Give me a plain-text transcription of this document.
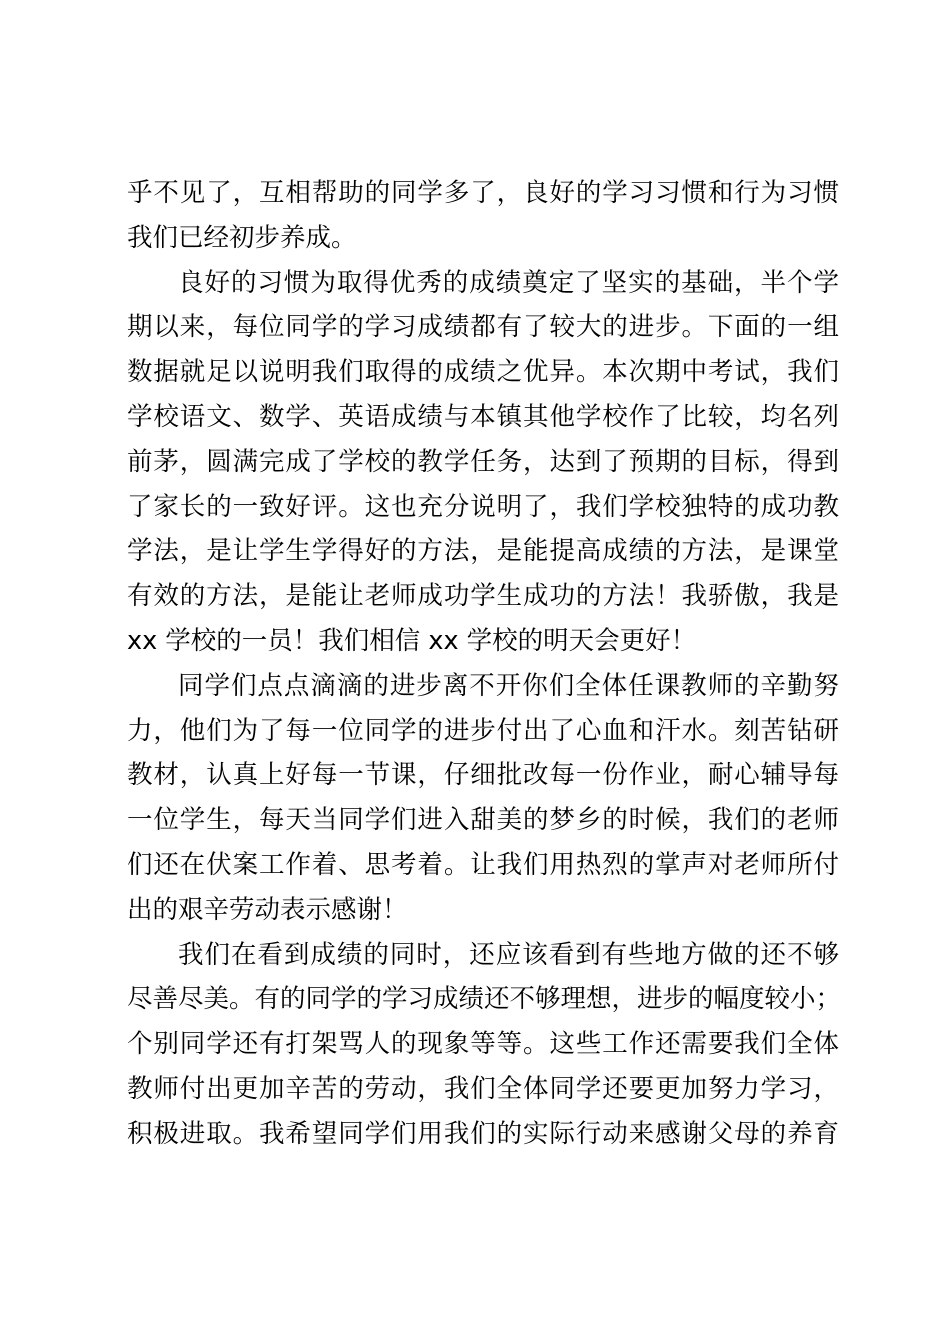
乎不见了，互相帮助的同学多了，良好的学习习惯和行为习惯
我们已经初步养成。
良好的习惯为取得优秀的成绩奠定了坚实的基础，半个学
期以来，每位同学的学习成绩都有了较大的进步。下面的一组
数据就足以说明我们取得的成绩之优异。本次期中考试，我们
学校语文、数学、英语成绩与本镇其他学校作了比较，均名列
前茅，圆满完成了学校的教学任务，达到了预期的目标，得到
了家长的一致好评。这也充分说明了，我们学校独特的成功教
学法，是让学生学得好的方法，是能提高成绩的方法，是课堂
有效的方法，是能让老师成功学生成功的方法！我骄傲，我是
xx 学校的一员！我们相信 xx 学校的明天会更好！
同学们点点滴滴的进步离不开你们全体任课教师的辛勤努
力，他们为了每一位同学的进步付出了心血和汗水。刻苦钻研
教材，认真上好每一节课，仔细批改每一份作业，耐心辅导每
一位学生，每天当同学们进入甜美的梦乡的时候，我们的老师
们还在伏案工作着、思考着。让我们用热烈的掌声对老师所付
出的艰辛劳动表示感谢！
我们在看到成绩的同时，还应该看到有些地方做的还不够
尽善尽美。有的同学的学习成绩还不够理想，进步的幅度较小；
个别同学还有打架骂人的现象等等。这些工作还需要我们全体
教师付出更加辛苦的劳动，我们全体同学还要更加努力学习，
积极进取。我希望同学们用我们的实际行动来感谢父母的养育
